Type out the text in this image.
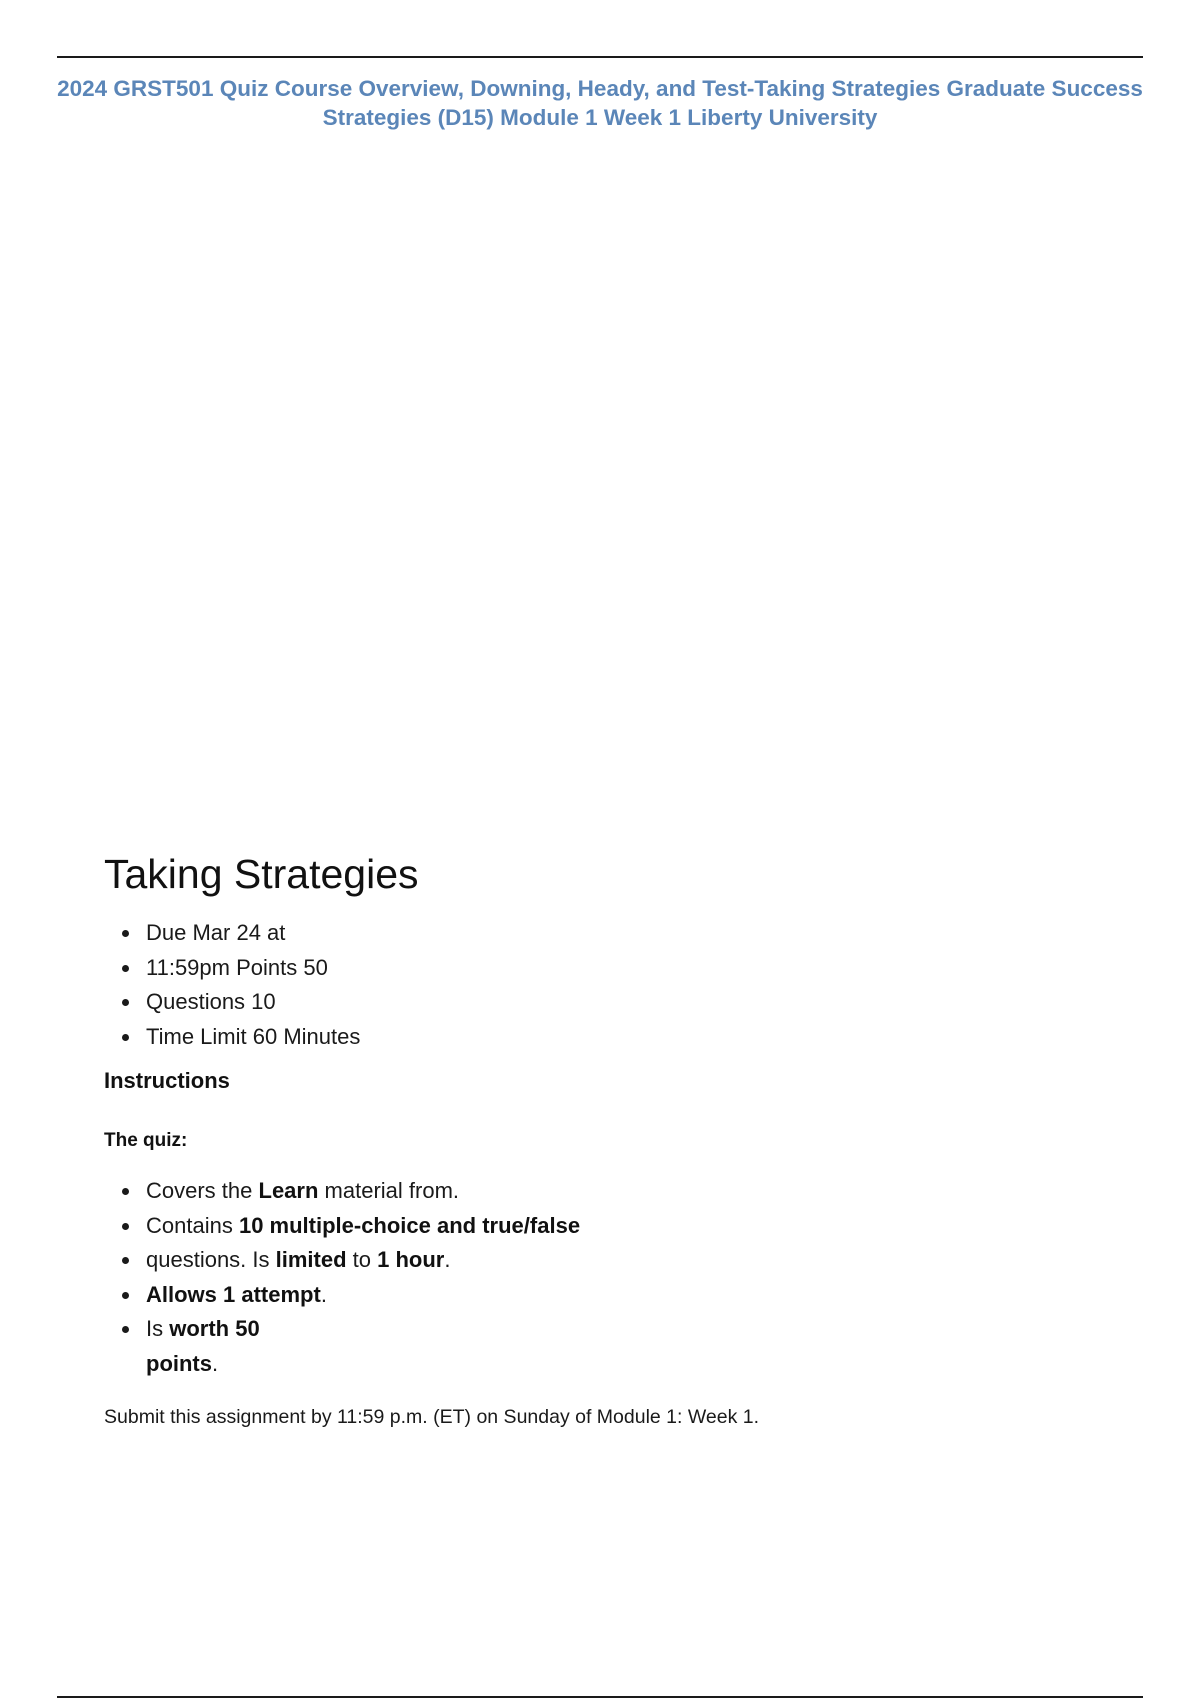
2024 GRST501 Quiz Course Overview, Downing, Heady, and Test-Taking Strategies Graduate Success Strategies (D15) Module 1 Week 1 Liberty University
Taking Strategies
• Due Mar 24 at
• 11:59pm Points 50
• Questions 10
• Time Limit 60 Minutes
Instructions

The quiz:

• Covers the Learn material from.
• Contains 10 multiple-choice and true/false
• questions. Is limited to 1 hour.
• Allows 1 attempt.
• Is worth 50 points.

Submit this assignment by 11:59 p.m. (ET) on Sunday of Module 1: Week 1.
